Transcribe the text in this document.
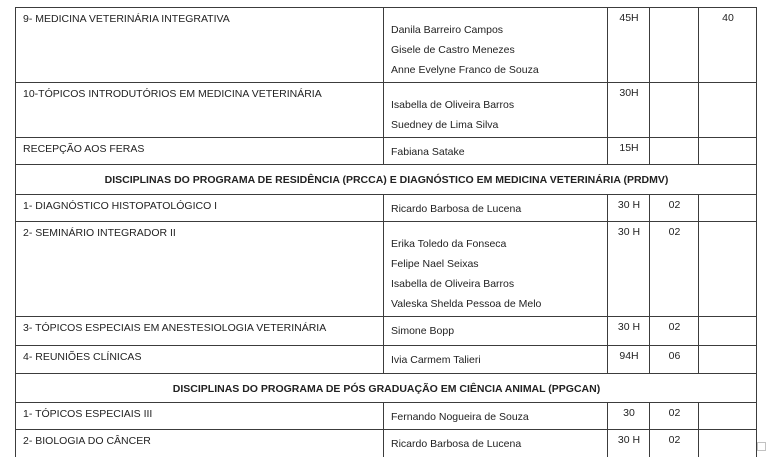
9- MEDICINA VETERINÁRIA INTEGRATIVA	Danila Barreiro Campos
Gisele de Castro Menezes
Anne Evelyne Franco de Souza	45H		40
10-TÓPICOS INTRODUTÓRIOS EM MEDICINA VETERINÁRIA	Isabella de Oliveira Barros
Suedney de Lima Silva	30H		
RECEPÇÃO AOS FERAS	Fabiana Satake	15H		
DISCIPLINAS DO PROGRAMA DE RESIDÊNCIA (PRCCA) E DIAGNÓSTICO EM MEDICINA VETERINÁRIA (PRDMV)				
1- DIAGNÓSTICO HISTOPATOLÓGICO I	Ricardo Barbosa de Lucena	30 H	02	
2- SEMINÁRIO INTEGRADOR II	Erika Toledo da Fonseca
Felipe Nael Seixas
Isabella de Oliveira Barros
Valeska Shelda Pessoa de Melo	30 H	02	
3- TÓPICOS ESPECIAIS EM ANESTESIOLOGIA VETERINÁRIA	Simone Bopp	30 H	02	
4- REUNIÕES CLÍNICAS	Ivia Carmem Talieri	94H	06	
DISCIPLINAS DO PROGRAMA DE PÓS GRADUAÇÃO EM CIÊNCIA ANIMAL (PPGCAN)				
1- TÓPICOS ESPECIAIS III	Fernando Nogueira de Souza	30	02	
2- BIOLOGIA DO CÂNCER	Ricardo Barbosa de Lucena	30 H	02	
